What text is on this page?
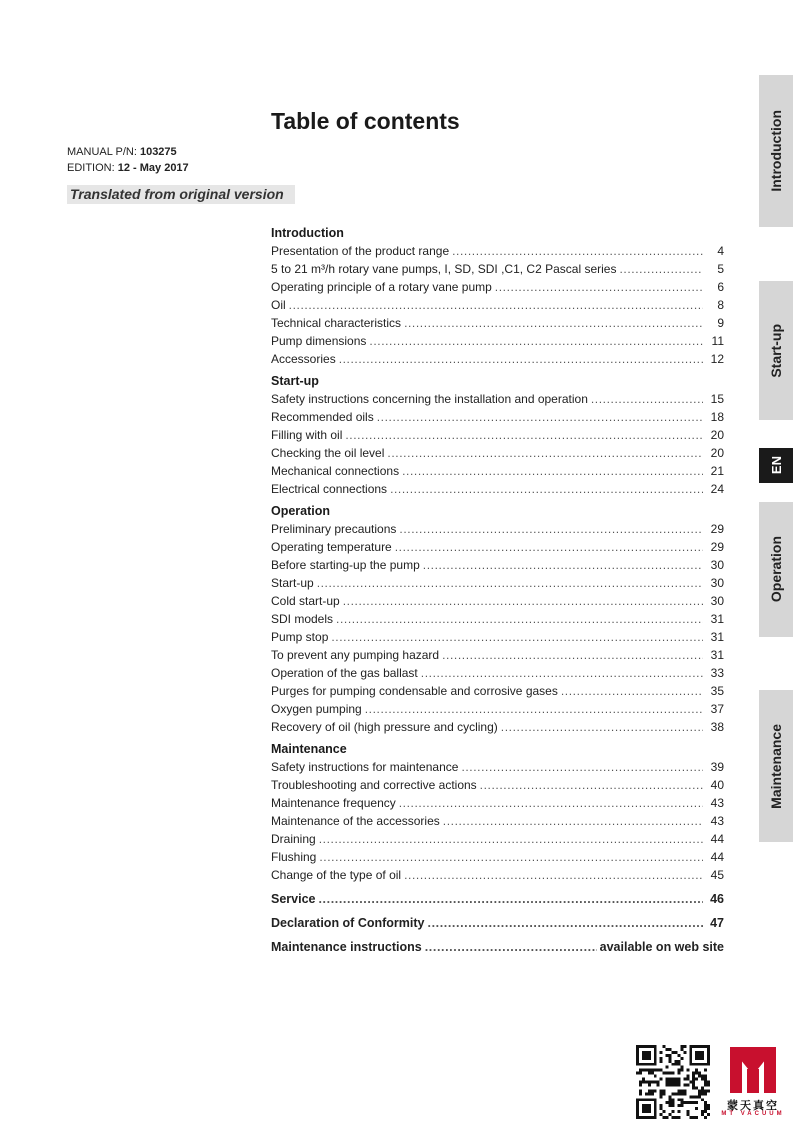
Table of contents
MANUAL P/N: 103275
EDITION: 12 - May 2017
Translated from original version
Introduction
Presentation of the product range .....	4
5 to 21 m³/h rotary vane pumps, I, SD, SDI ,C1, C2 Pascal series .....	5
Operating principle of a rotary vane pump .....	6
Oil .....	8
Technical characteristics .....	9
Pump dimensions .....	11
Accessories .....	12
Start-up
Safety instructions concerning the installation and operation .....	15
Recommended oils .....	18
Filling with oil .....	20
Checking the oil level .....	20
Mechanical connections .....	21
Electrical connections .....	24
Operation
Preliminary precautions .....	29
Operating temperature .....	29
Before starting-up the pump .....	30
Start-up .....	30
Cold start-up .....	30
SDI models .....	31
Pump stop .....	31
To prevent any pumping hazard .....	31
Operation of the gas ballast .....	33
Purges for pumping condensable and corrosive gases .....	35
Oxygen pumping .....	37
Recovery of oil (high pressure and cycling) .....	38
Maintenance
Safety instructions for maintenance .....	39
Troubleshooting and corrective actions .....	40
Maintenance frequency .....	43
Maintenance of the accessories .....	43
Draining .....	44
Flushing .....	44
Change of the type of oil .....	45
Service .....	46
Declaration of Conformity .....	47
Maintenance instructions .....	available on web site
Introduction
Start-up
EN
Operation
Maintenance
蒙天真空
MT VACUUM
